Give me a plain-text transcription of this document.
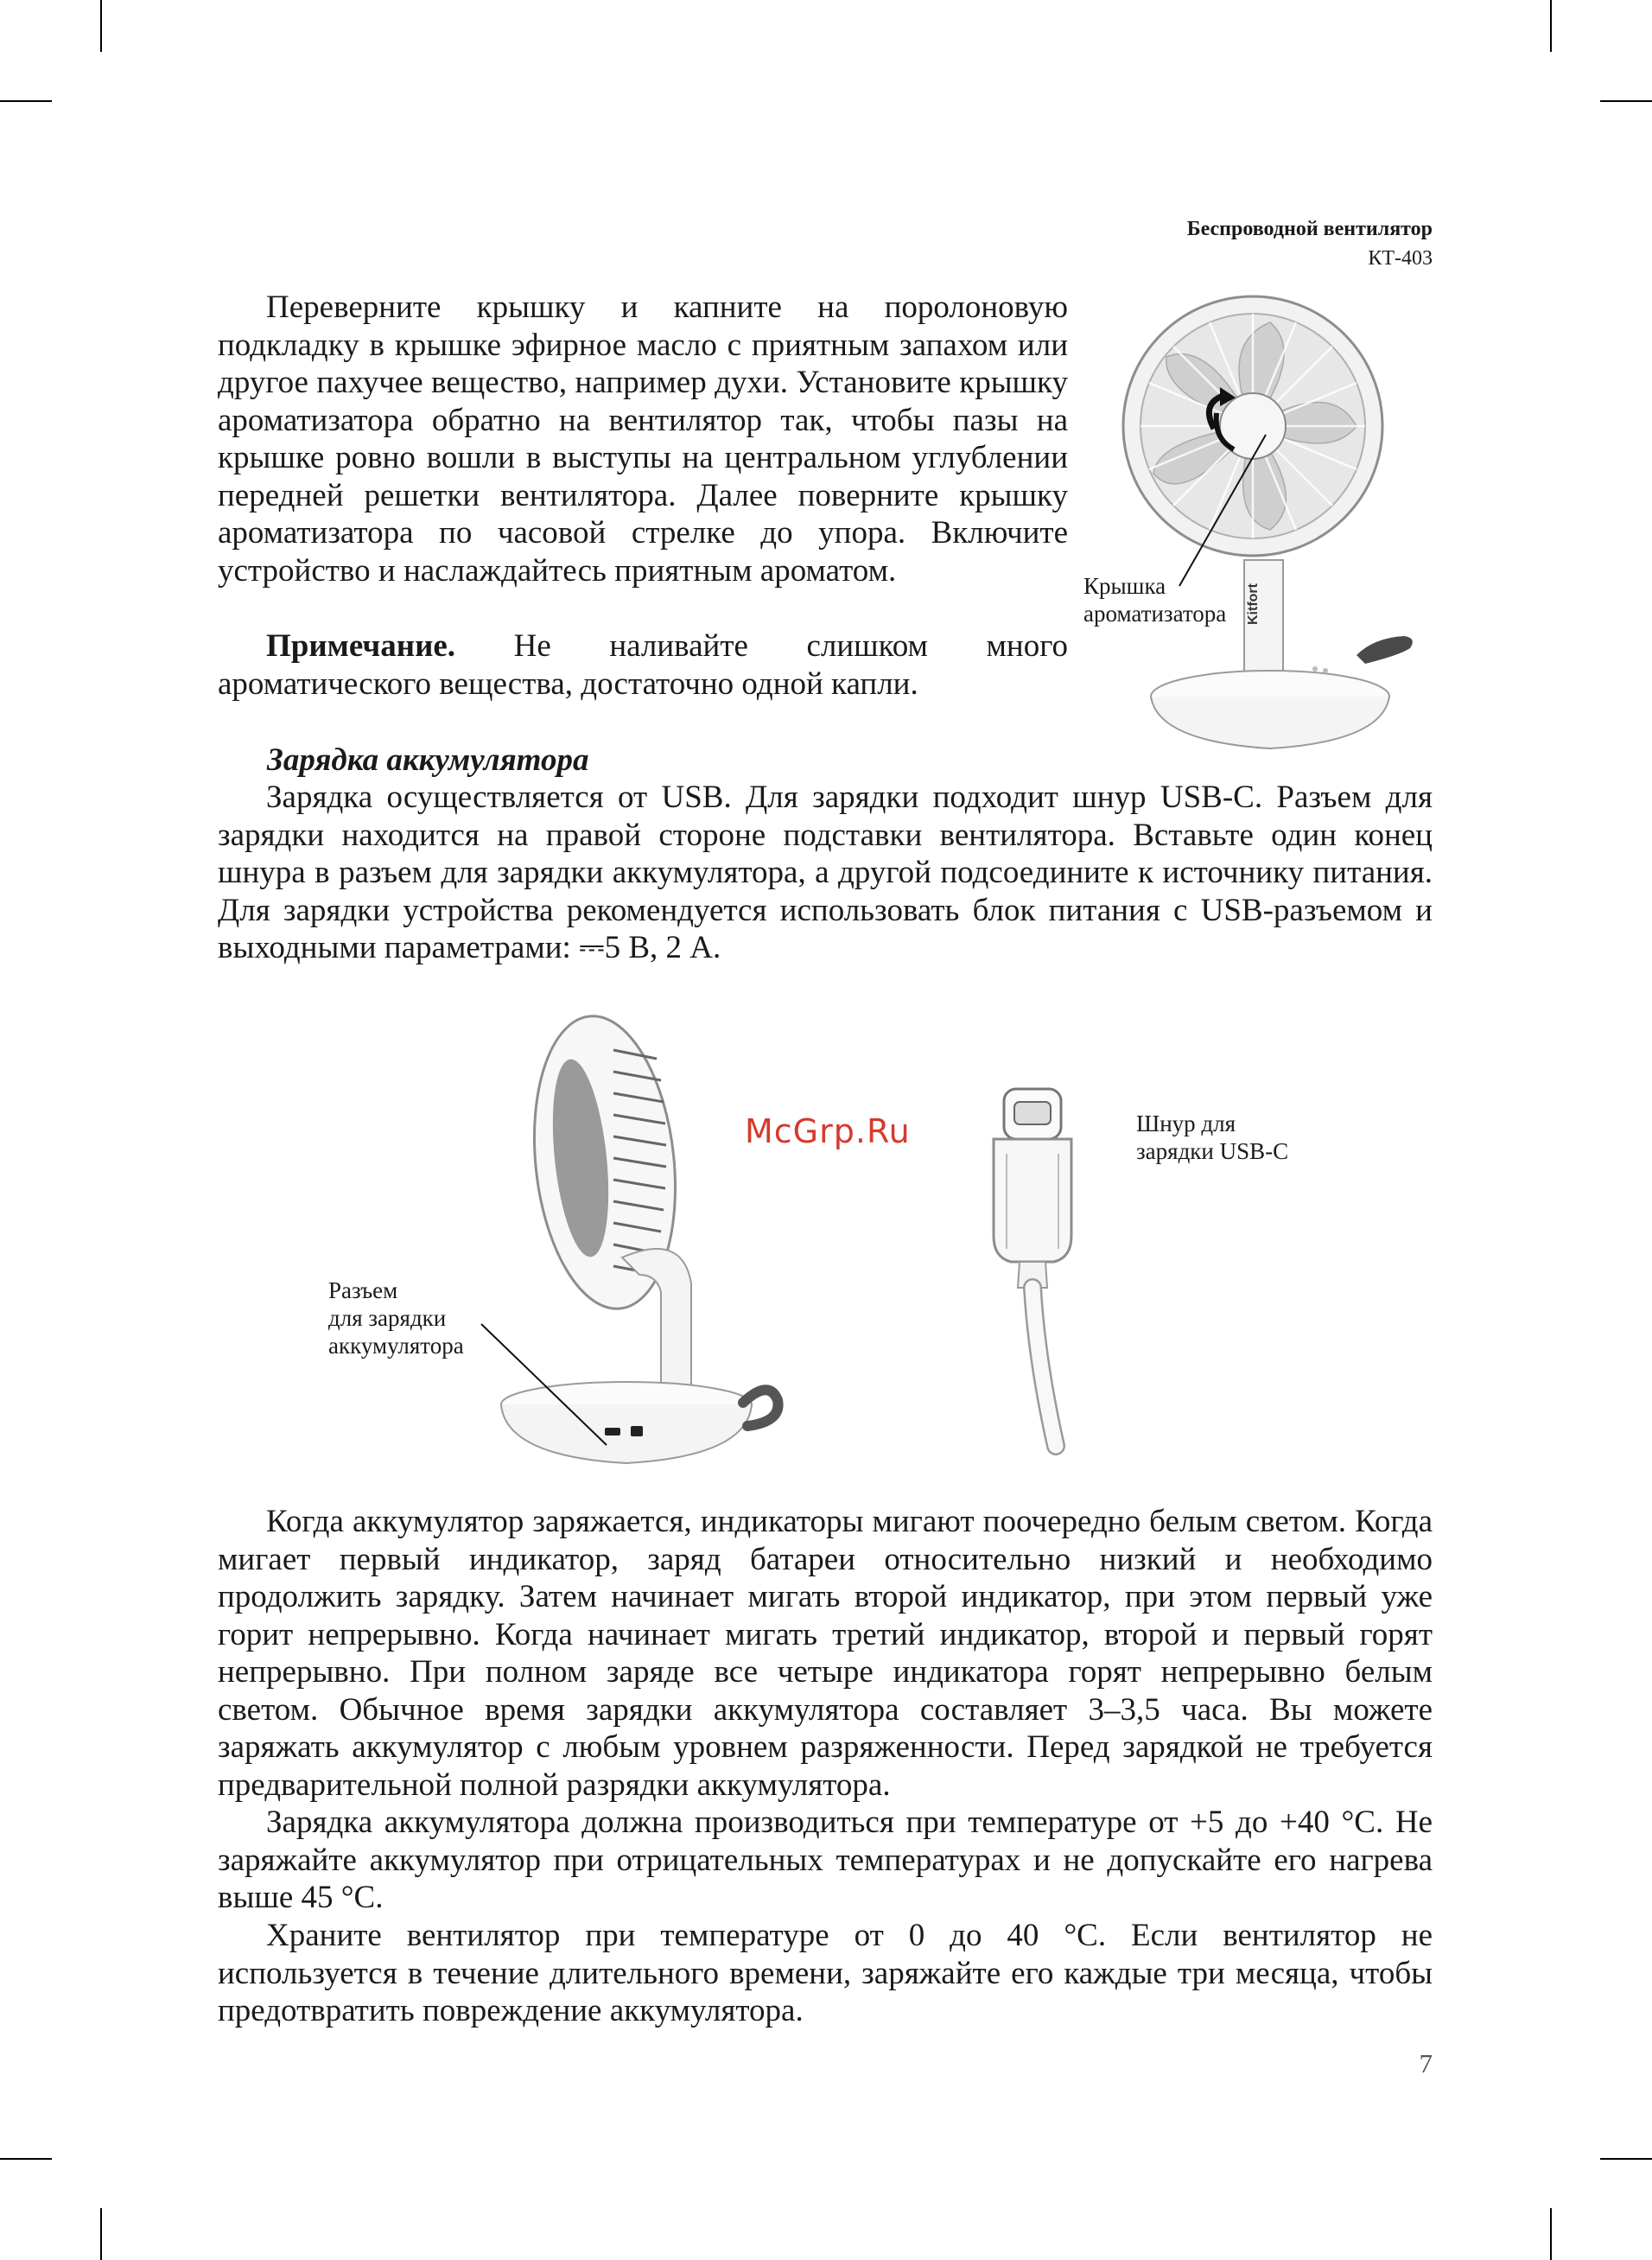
Беспроводной вентилятор
КТ-403

Переверните крышку и капните на поролоновую подкладку в крышке эфирное масло с приятным запахом или другое пахучее вещество, например духи. Установите крышку ароматизатора обратно на вентилятор так, чтобы пазы на крышке ровно вошли в выступы на центральном углублении передней решетки вентилятора. Далее поверните крышку ароматизатора по часовой стрелке до упора. Включите устройство и наслаждайтесь приятным ароматом.

Примечание. Не наливайте слишком много ароматического вещества, достаточно одной капли.

Kitfort
Крышка
ароматизатора
Зарядка аккумулятора

Зарядка осуществляется от USB. Для зарядки подходит шнур USB-C. Разъем для зарядки находится на правой стороне подставки вентилятора. Вставьте один конец шнура в разъем для зарядки аккумулятора, а другой подсоедините к источнику питания. Для зарядки устройства рекомендуется использовать блок питания с USB-разъемом и выходными параметрами: ⎓5 В, 2 А.

Разъем
для зарядки
аккумулятора
Шнур для
зарядки USB-C
McGrp.Ru

Когда аккумулятор заряжается, индикаторы мигают поочередно белым светом. Когда мигает первый индикатор, заряд батареи относительно низкий и необходимо продолжить зарядку. Затем начинает мигать второй индикатор, при этом первый уже горит непрерывно. Когда начинает мигать третий индикатор, второй и первый горят непрерывно. При полном заряде все четыре индикатора горят непрерывно белым светом. Обычное время зарядки аккумулятора составляет 3–3,5 часа. Вы можете заряжать аккумулятор с любым уровнем разряженности. Перед зарядкой не требуется предварительной полной разрядки аккумулятора.

Зарядка аккумулятора должна производиться при температуре от +5 до +40 °C. Не заряжайте аккумулятор при отрицательных температурах и не допускайте его нагрева выше 45 °C.

Храните вентилятор при температуре от 0 до 40 °C. Если вентилятор не используется в течение длительного времени, заряжайте его каждые три месяца, чтобы предотвратить повреждение аккумулятора.

7
